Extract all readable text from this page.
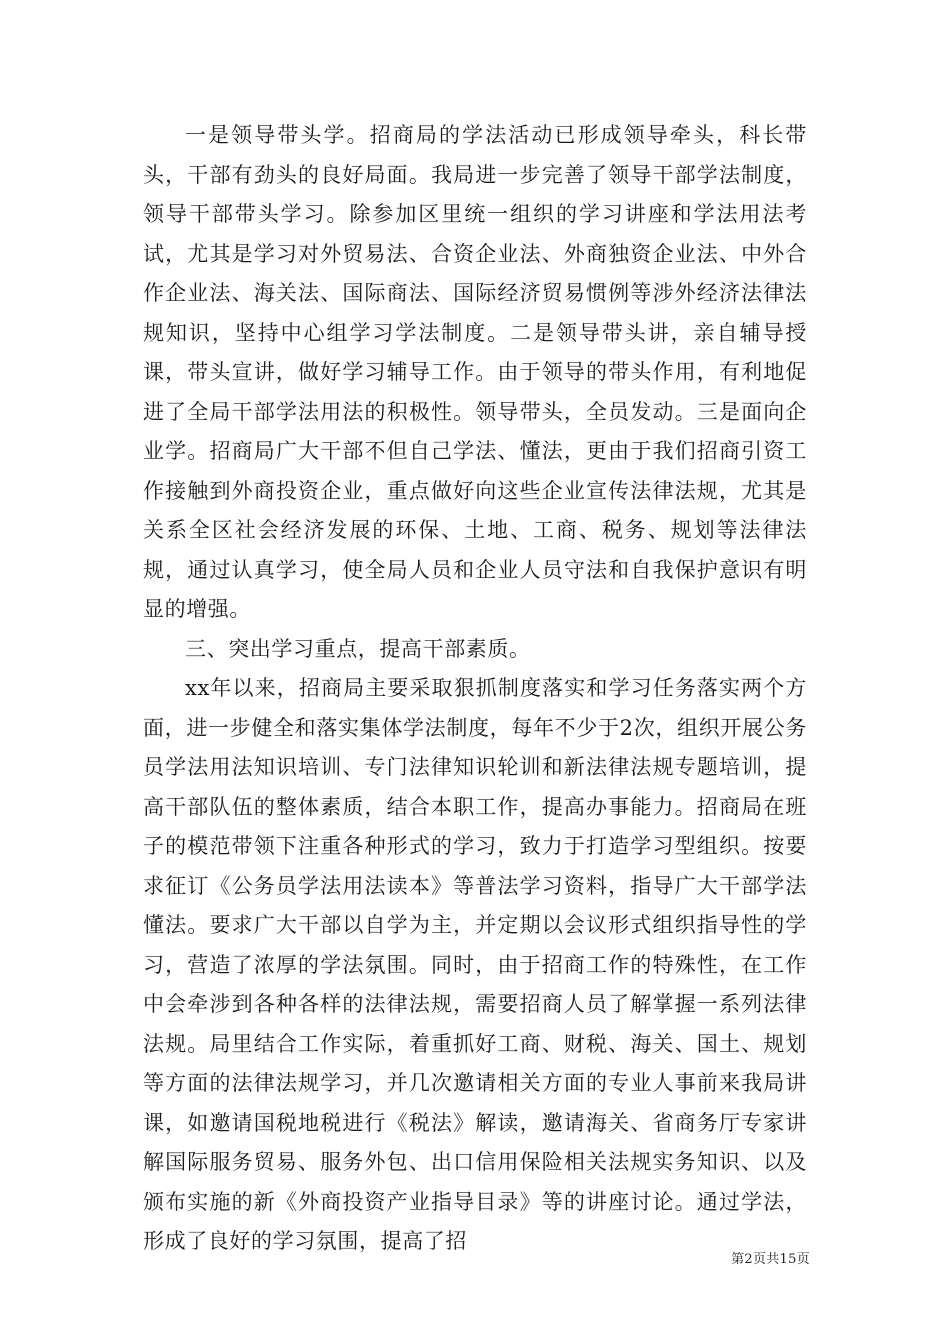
一是领导带头学。招商局的学法活动已形成领导牵头，科长带头，干部有劲头的良好局面。我局进一步完善了领导干部学法制度，领导干部带头学习。除参加区里统一组织的学习讲座和学法用法考试，尤其是学习对外贸易法、合资企业法、外商独资企业法、中外合作企业法、海关法、国际商法、国际经济贸易惯例等涉外经济法律法规知识，坚持中心组学习学法制度。二是领导带头讲，亲自辅导授课，带头宣讲，做好学习辅导工作。由于领导的带头作用，有利地促进了全局干部学法用法的积极性。领导带头，全员发动。三是面向企业学。招商局广大干部不但自己学法、懂法，更由于我们招商引资工作接触到外商投资企业，重点做好向这些企业宣传法律法规，尤其是关系全区社会经济发展的环保、土地、工商、税务、规划等法律法规，通过认真学习，使全局人员和企业人员守法和自我保护意识有明显的增强。

三、突出学习重点，提高干部素质。

xx年以来，招商局主要采取狠抓制度落实和学习任务落实两个方面，进一步健全和落实集体学法制度，每年不少于2次，组织开展公务员学法用法知识培训、专门法律知识轮训和新法律法规专题培训，提高干部队伍的整体素质，结合本职工作，提高办事能力。招商局在班子的模范带领下注重各种形式的学习，致力于打造学习型组织。按要求征订《公务员学法用法读本》等普法学习资料，指导广大干部学法懂法。要求广大干部以自学为主，并定期以会议形式组织指导性的学习，营造了浓厚的学法氛围。同时，由于招商工作的特殊性，在工作中会牵涉到各种各样的法律法规，需要招商人员了解掌握一系列法律法规。局里结合工作实际，着重抓好工商、财税、海关、国土、规划等方面的法律法规学习，并几次邀请相关方面的专业人事前来我局讲课，如邀请国税地税进行《税法》解读，邀请海关、省商务厅专家讲解国际服务贸易、服务外包、出口信用保险相关法规实务知识、以及颁布实施的新《外商投资产业指导目录》等的讲座讨论。通过学法，形成了良好的学习氛围，提高了招

第2页共15页
